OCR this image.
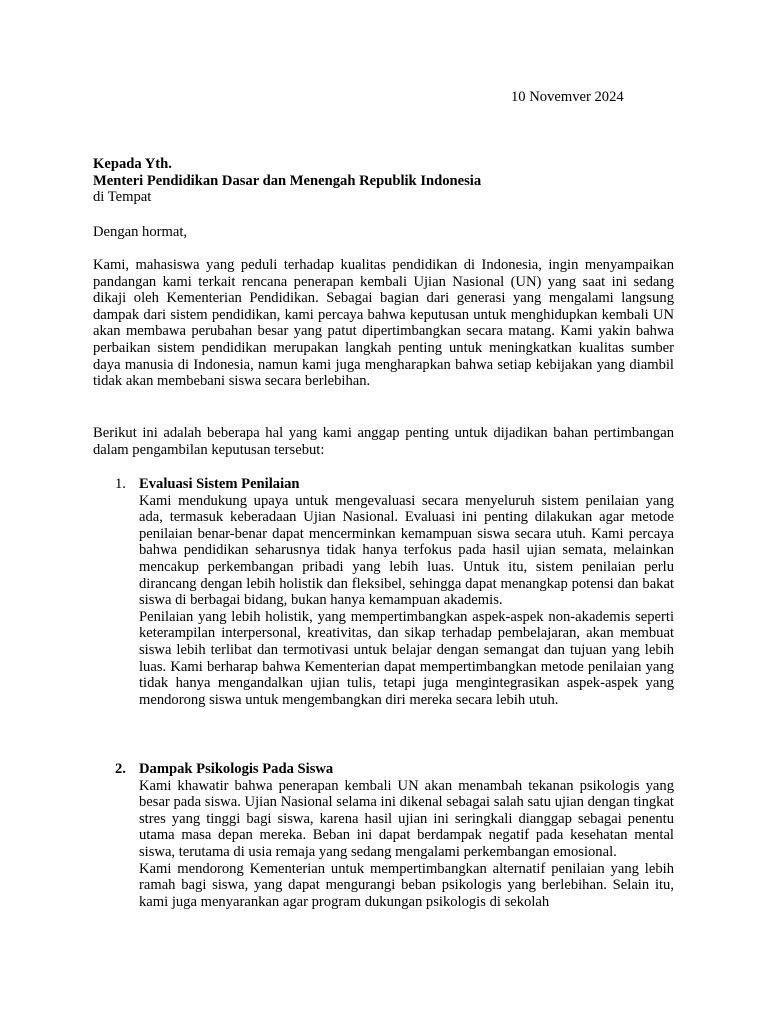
10 Novemver 2024
Kepada Yth.
Menteri Pendidikan Dasar dan Menengah Republik Indonesia
di Tempat
Dengan hormat,
Kami, mahasiswa yang peduli terhadap kualitas pendidikan di Indonesia, ingin menyampaikan pandangan kami terkait rencana penerapan kembali Ujian Nasional (UN) yang saat ini sedang dikaji oleh Kementerian Pendidikan. Sebagai bagian dari generasi yang mengalami langsung dampak dari sistem pendidikan, kami percaya bahwa keputusan untuk menghidupkan kembali UN akan membawa perubahan besar yang patut dipertimbangkan secara matang. Kami yakin bahwa perbaikan sistem pendidikan merupakan langkah penting untuk meningkatkan kualitas sumber daya manusia di Indonesia, namun kami juga mengharapkan bahwa setiap kebijakan yang diambil tidak akan membebani siswa secara berlebihan.
Berikut ini adalah beberapa hal yang kami anggap penting untuk dijadikan bahan pertimbangan dalam pengambilan keputusan tersebut:
1. Evaluasi Sistem Penilaian
Kami mendukung upaya untuk mengevaluasi secara menyeluruh sistem penilaian yang ada, termasuk keberadaan Ujian Nasional. Evaluasi ini penting dilakukan agar metode penilaian benar-benar dapat mencerminkan kemampuan siswa secara utuh. Kami percaya bahwa pendidikan seharusnya tidak hanya terfokus pada hasil ujian semata, melainkan mencakup perkembangan pribadi yang lebih luas. Untuk itu, sistem penilaian perlu dirancang dengan lebih holistik dan fleksibel, sehingga dapat menangkap potensi dan bakat siswa di berbagai bidang, bukan hanya kemampuan akademis.
Penilaian yang lebih holistik, yang mempertimbangkan aspek-aspek non-akademis seperti keterampilan interpersonal, kreativitas, dan sikap terhadap pembelajaran, akan membuat siswa lebih terlibat dan termotivasi untuk belajar dengan semangat dan tujuan yang lebih luas. Kami berharap bahwa Kementerian dapat mempertimbangkan metode penilaian yang tidak hanya mengandalkan ujian tulis, tetapi juga mengintegrasikan aspek-aspek yang mendorong siswa untuk mengembangkan diri mereka secara lebih utuh.
2. Dampak Psikologis Pada Siswa
Kami khawatir bahwa penerapan kembali UN akan menambah tekanan psikologis yang besar pada siswa. Ujian Nasional selama ini dikenal sebagai salah satu ujian dengan tingkat stres yang tinggi bagi siswa, karena hasil ujian ini seringkali dianggap sebagai penentu utama masa depan mereka. Beban ini dapat berdampak negatif pada kesehatan mental siswa, terutama di usia remaja yang sedang mengalami perkembangan emosional.
Kami mendorong Kementerian untuk mempertimbangkan alternatif penilaian yang lebih ramah bagi siswa, yang dapat mengurangi beban psikologis yang berlebihan. Selain itu, kami juga menyarankan agar program dukungan psikologis di sekolah
